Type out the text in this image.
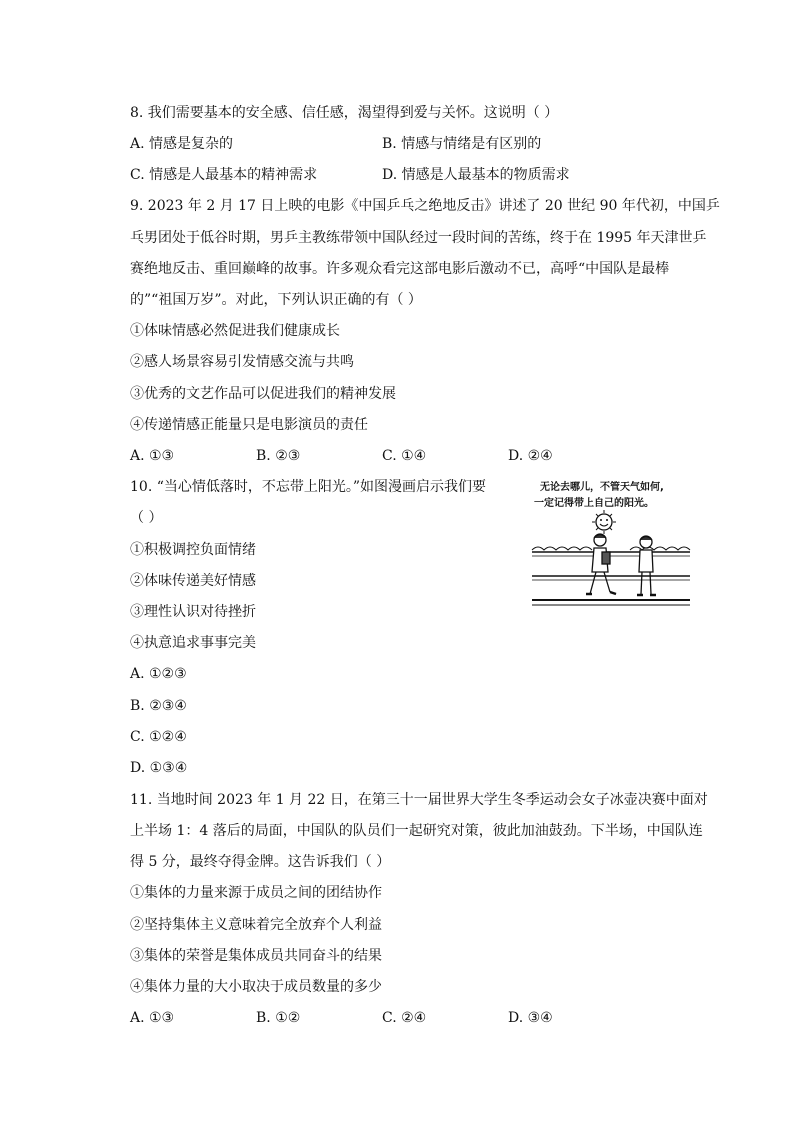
8. 我们需要基本的安全感、信任感，渴望得到爱与关怀。这说明（ ）
A. 情感是复杂的	B. 情感与情绪是有区别的
C. 情感是人最基本的精神需求	D. 情感是人最基本的物质需求
9. 2023 年 2 月 17 日上映的电影《中国乒乓之绝地反击》讲述了 20 世纪 90 年代初，中国乒
乓男团处于低谷时期，男乒主教练带领中国队经过一段时间的苦练，终于在 1995 年天津世乒
赛绝地反击、重回巅峰的故事。许多观众看完这部电影后激动不已，高呼“中国队是最棒
的”“祖国万岁”。对此，下列认识正确的有（ ）
①体味情感必然促进我们健康成长
②感人场景容易引发情感交流与共鸣
③优秀的文艺作品可以促进我们的精神发展
④传递情感正能量只是电影演员的责任
A. ①③	B. ②③	C. ①④	D. ②④
10. “当心情低落时，不忘带上阳光。”如图漫画启示我们要
（ ）
①积极调控负面情绪
②体味传递美好情感
③理性认识对待挫折
④执意追求事事完美
A. ①②③
B. ②③④
C. ①②④
D. ①③④
无论去哪儿，不管天气如何,
一定记得带上自己的阳光。
11. 当地时间 2023 年 1 月 22 日，在第三十一届世界大学生冬季运动会女子冰壶决赛中面对
上半场 1：4 落后的局面，中国队的队员们一起研究对策，彼此加油鼓劲。下半场，中国队连
得 5 分，最终夺得金牌。这告诉我们（ ）
①集体的力量来源于成员之间的团结协作
②坚持集体主义意味着完全放弃个人利益
③集体的荣誉是集体成员共同奋斗的结果
④集体力量的大小取决于成员数量的多少
A. ①③	B. ①②	C. ②④	D. ③④
